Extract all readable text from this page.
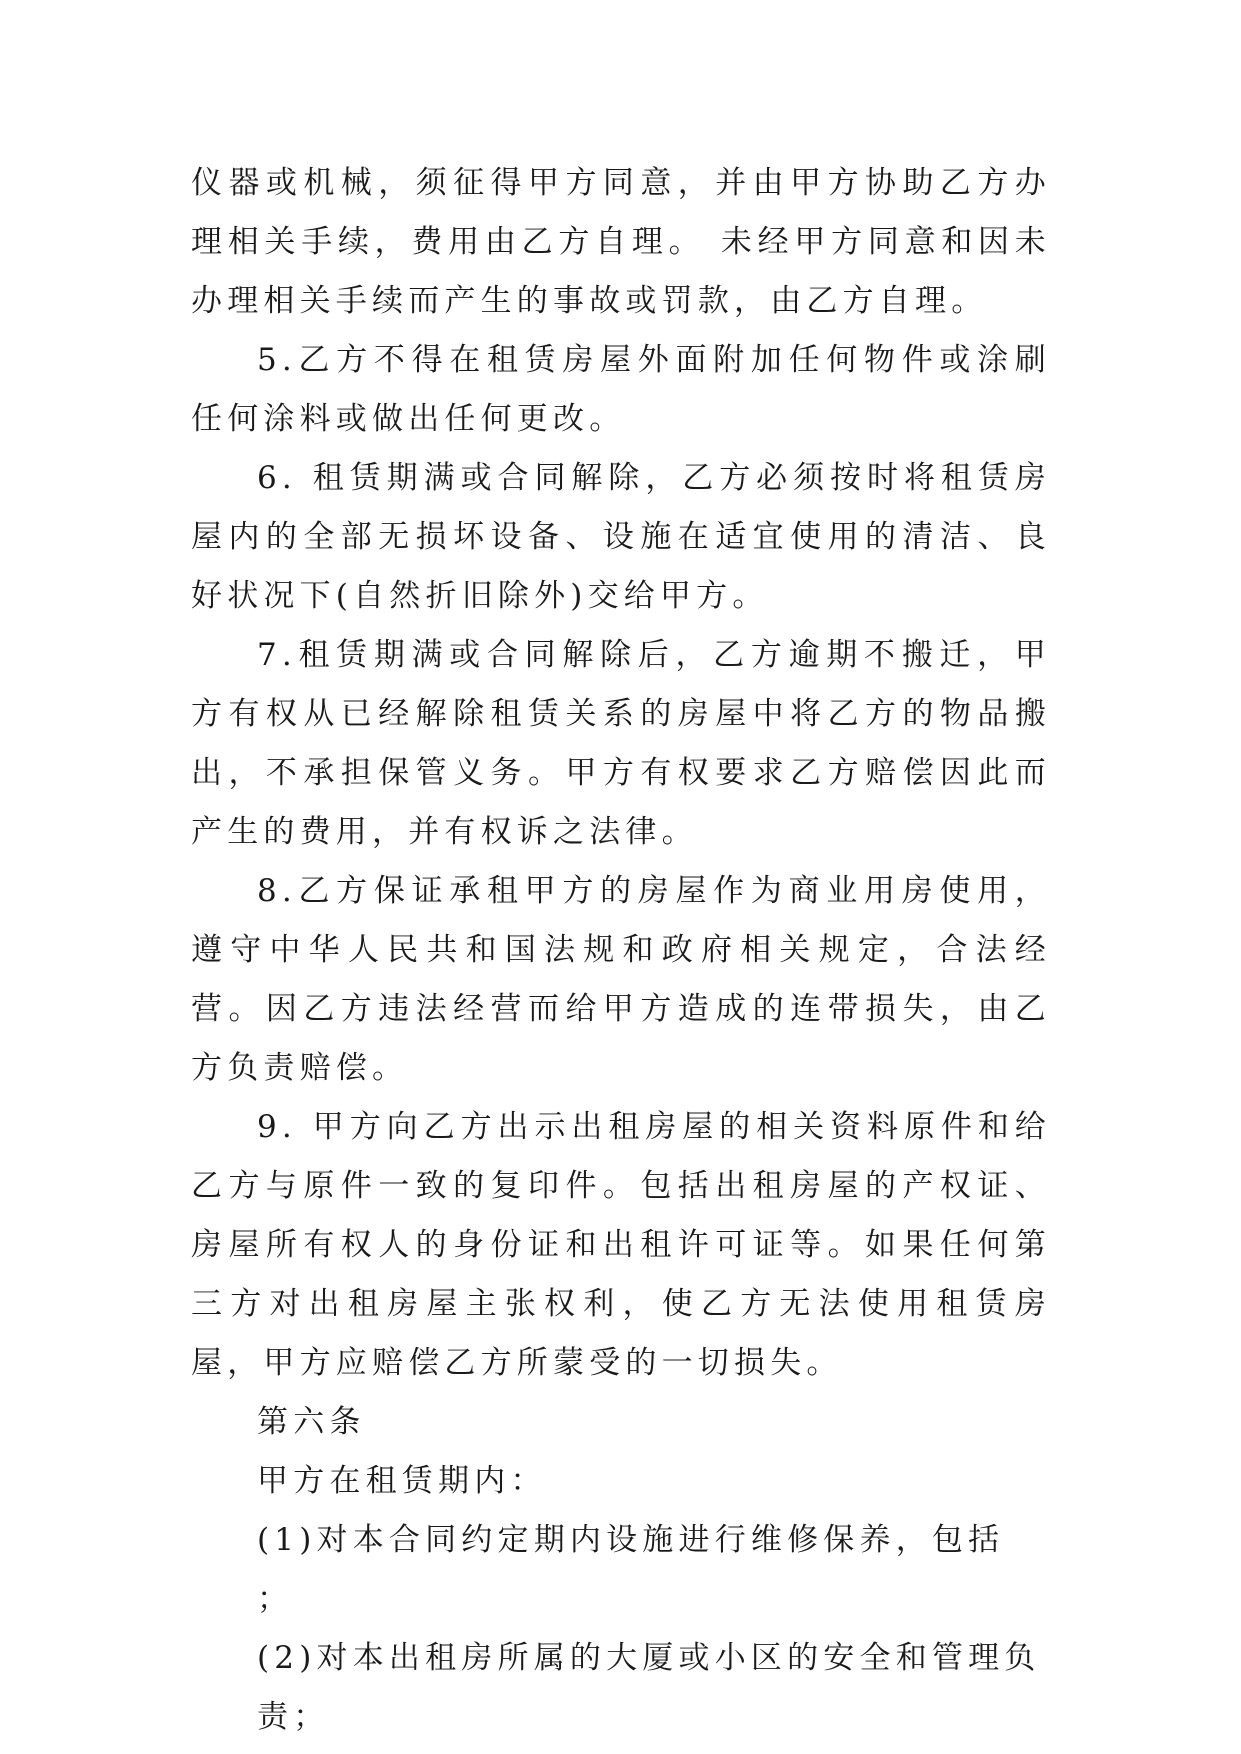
仪器或机械，须征得甲方同意，并由甲方协助乙方办理相关手续，费用由乙方自理。 未经甲方同意和因未办理相关手续而产生的事故或罚款，由乙方自理。

5.乙方不得在租赁房屋外面附加任何物件或涂刷任何涂料或做出任何更改。

6. 租赁期满或合同解除，乙方必须按时将租赁房屋内的全部无损坏设备、设施在适宜使用的清洁、良好状况下(自然折旧除外)交给甲方。

7.租赁期满或合同解除后，乙方逾期不搬迁，甲方有权从已经解除租赁关系的房屋中将乙方的物品搬出，不承担保管义务。甲方有权要求乙方赔偿因此而产生的费用，并有权诉之法律。

8.乙方保证承租甲方的房屋作为商业用房使用，遵守中华人民共和国法规和政府相关规定，合法经营。因乙方违法经营而给甲方造成的连带损失，由乙方负责赔偿。

9. 甲方向乙方出示出租房屋的相关资料原件和给乙方与原件一致的复印件。包括出租房屋的产权证、房屋所有权人的身份证和出租许可证等。如果任何第三方对出租房屋主张权利，使乙方无法使用租赁房屋，甲方应赔偿乙方所蒙受的一切损失。

第六条

甲方在租赁期内：

(1)对本合同约定期内设施进行维修保养，包括 ；

(2)对本出租房所属的大厦或小区的安全和管理负责；
